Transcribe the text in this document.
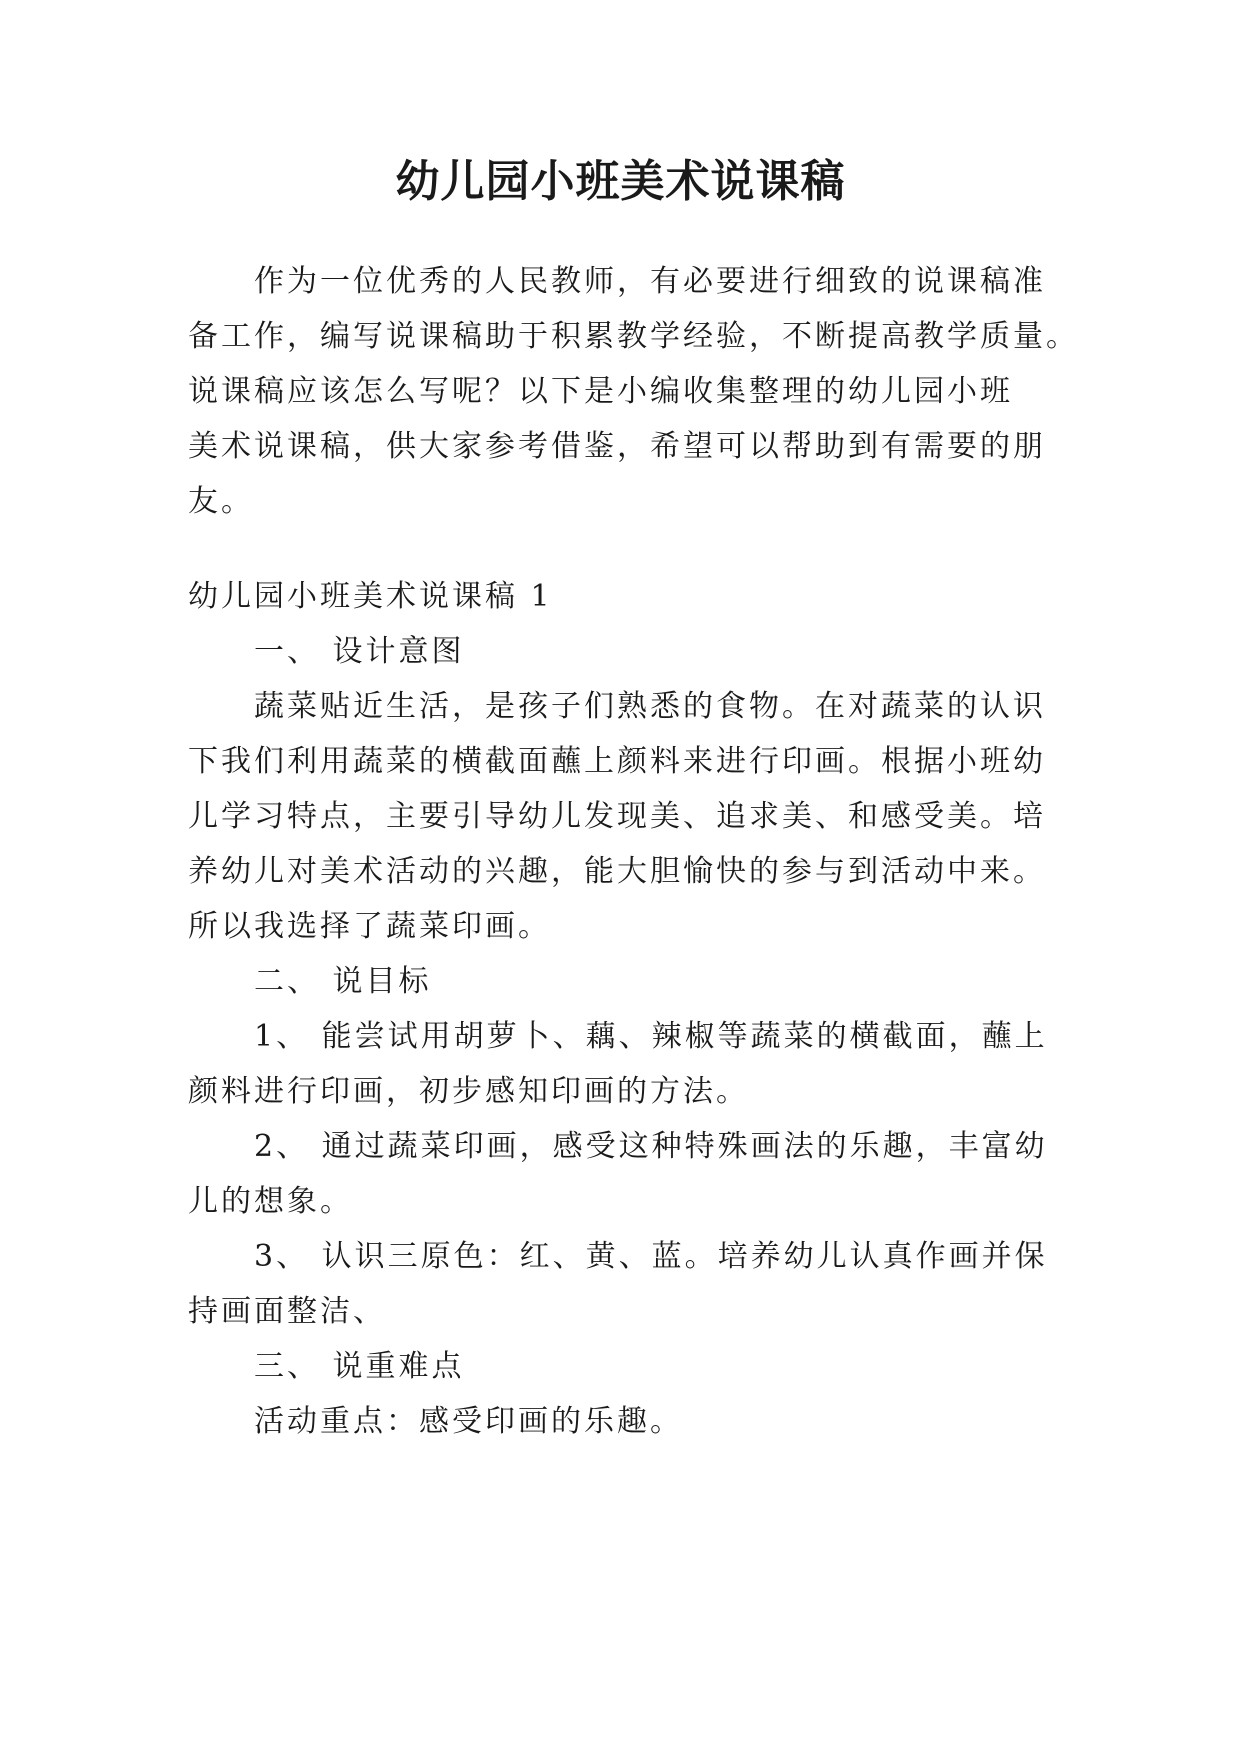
幼儿园小班美术说课稿
作为一位优秀的人民教师，有必要进行细致的说课稿准
备工作，编写说课稿助于积累教学经验，不断提高教学质量。
说课稿应该怎么写呢？以下是小编收集整理的幼儿园小班
美术说课稿，供大家参考借鉴，希望可以帮助到有需要的朋
友。
幼儿园小班美术说课稿 1
一、 设计意图
蔬菜贴近生活，是孩子们熟悉的食物。在对蔬菜的认识
下我们利用蔬菜的横截面蘸上颜料来进行印画。根据小班幼
儿学习特点，主要引导幼儿发现美、追求美、和感受美。培
养幼儿对美术活动的兴趣，能大胆愉快的参与到活动中来。
所以我选择了蔬菜印画。
二、 说目标
1、 能尝试用胡萝卜、藕、辣椒等蔬菜的横截面，蘸上
颜料进行印画，初步感知印画的方法。
2、 通过蔬菜印画，感受这种特殊画法的乐趣，丰富幼
儿的想象。
3、 认识三原色：红、黄、蓝。培养幼儿认真作画并保
持画面整洁、
三、 说重难点
活动重点：感受印画的乐趣。
